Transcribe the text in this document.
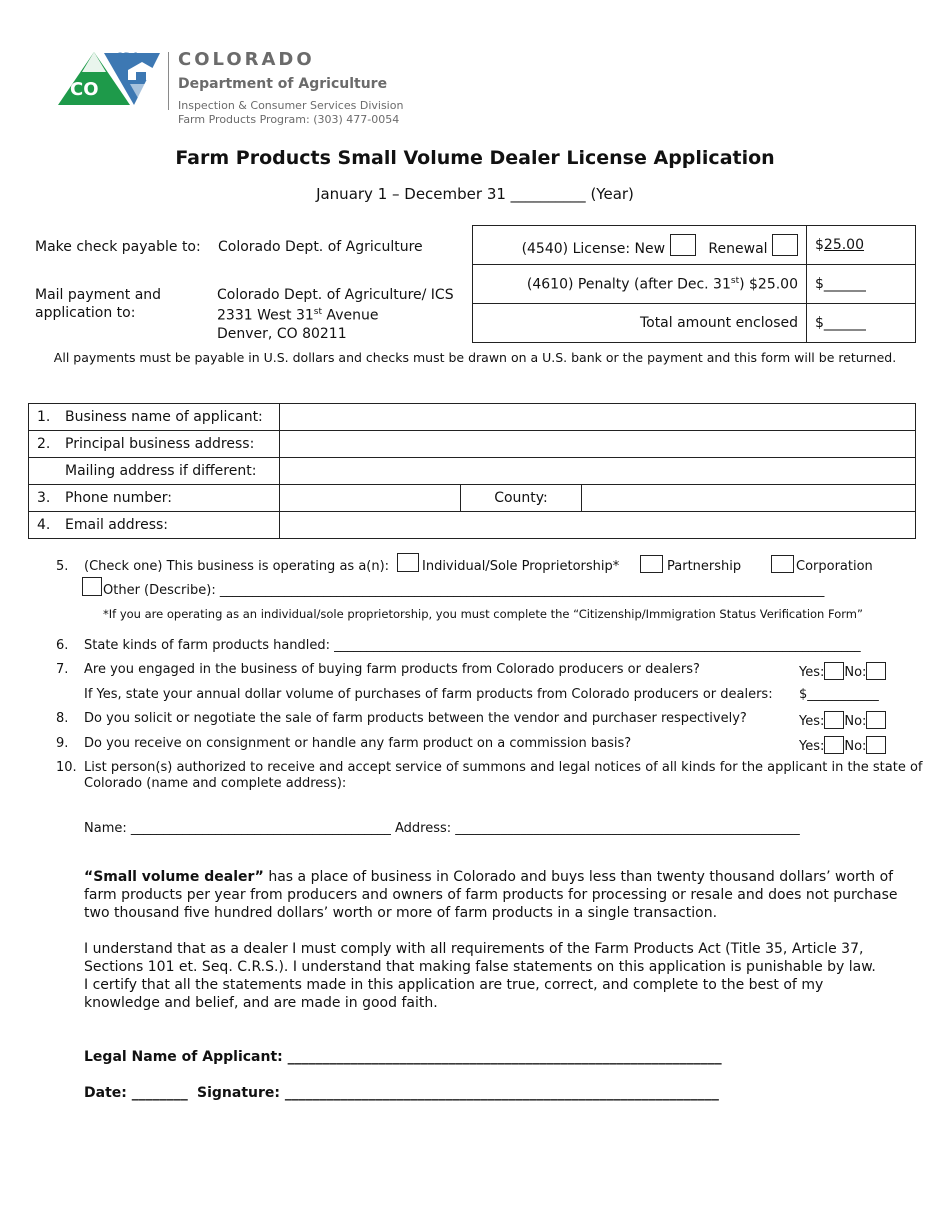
CDA
CO
COLORADO
Department of Agriculture
Inspection & Consumer Services Division
Farm Products Program: (303) 477-0054
Farm Products Small Volume Dealer License Application
January 1 – December 31 __________ (Year)
Make check payable to: Colorado Dept. of Agriculture
Mail payment and
application to:
Colorado Dept. of Agriculture/ ICS
2331 West 31st Avenue
Denver, CO 80211
(4540) License: New Renewal	$25.00
(4610) Penalty (after Dec. 31st) $25.00	$______
Total amount enclosed	$______
All payments must be payable in U.S. dollars and checks must be drawn on a U.S. bank or the payment and this form will be returned.
1. Business name of applicant:			
2. Principal business address:			
Mailing address if different:			
3. Phone number:		County:	
4. Email address:			
5. (Check one) This business is operating as a(n):	Individual/Sole Proprietorship*	Partnership	Corporation
Other (Describe): _____________________________________________________________________________________________
*If you are operating as an individual/sole proprietorship, you must complete the “Citizenship/Immigration Status Verification Form”
6. State kinds of farm products handled: _________________________________________________________________________________
7. Are you engaged in the business of buying farm products from Colorado producers or dealers?	Yes: No:
If Yes, state your annual dollar volume of purchases of farm products from Colorado producers or dealers: $___________
8. Do you solicit or negotiate the sale of farm products between the vendor and purchaser respectively?	Yes: No:
9. Do you receive on consignment or handle any farm product on a commission basis?	Yes: No:
10. List person(s) authorized to receive and accept service of summons and legal notices of all kinds for the applicant in the state of
Colorado (name and complete address):
Name: ________________________________________ Address: _____________________________________________________
“Small volume dealer” has a place of business in Colorado and buys less than twenty thousand dollars’ worth of
farm products per year from producers and owners of farm products for processing or resale and does not purchase
two thousand five hundred dollars’ worth or more of farm products in a single transaction.
I understand that as a dealer I must comply with all requirements of the Farm Products Act (Title 35, Article 37,
Sections 101 et. Seq. C.R.S.). I understand that making false statements on this application is punishable by law.
I certify that all the statements made in this application are true, correct, and complete to the best of my
knowledge and belief, and are made in good faith.
Legal Name of Applicant: ______________________________________________________________
Date: ________ Signature: ______________________________________________________________
